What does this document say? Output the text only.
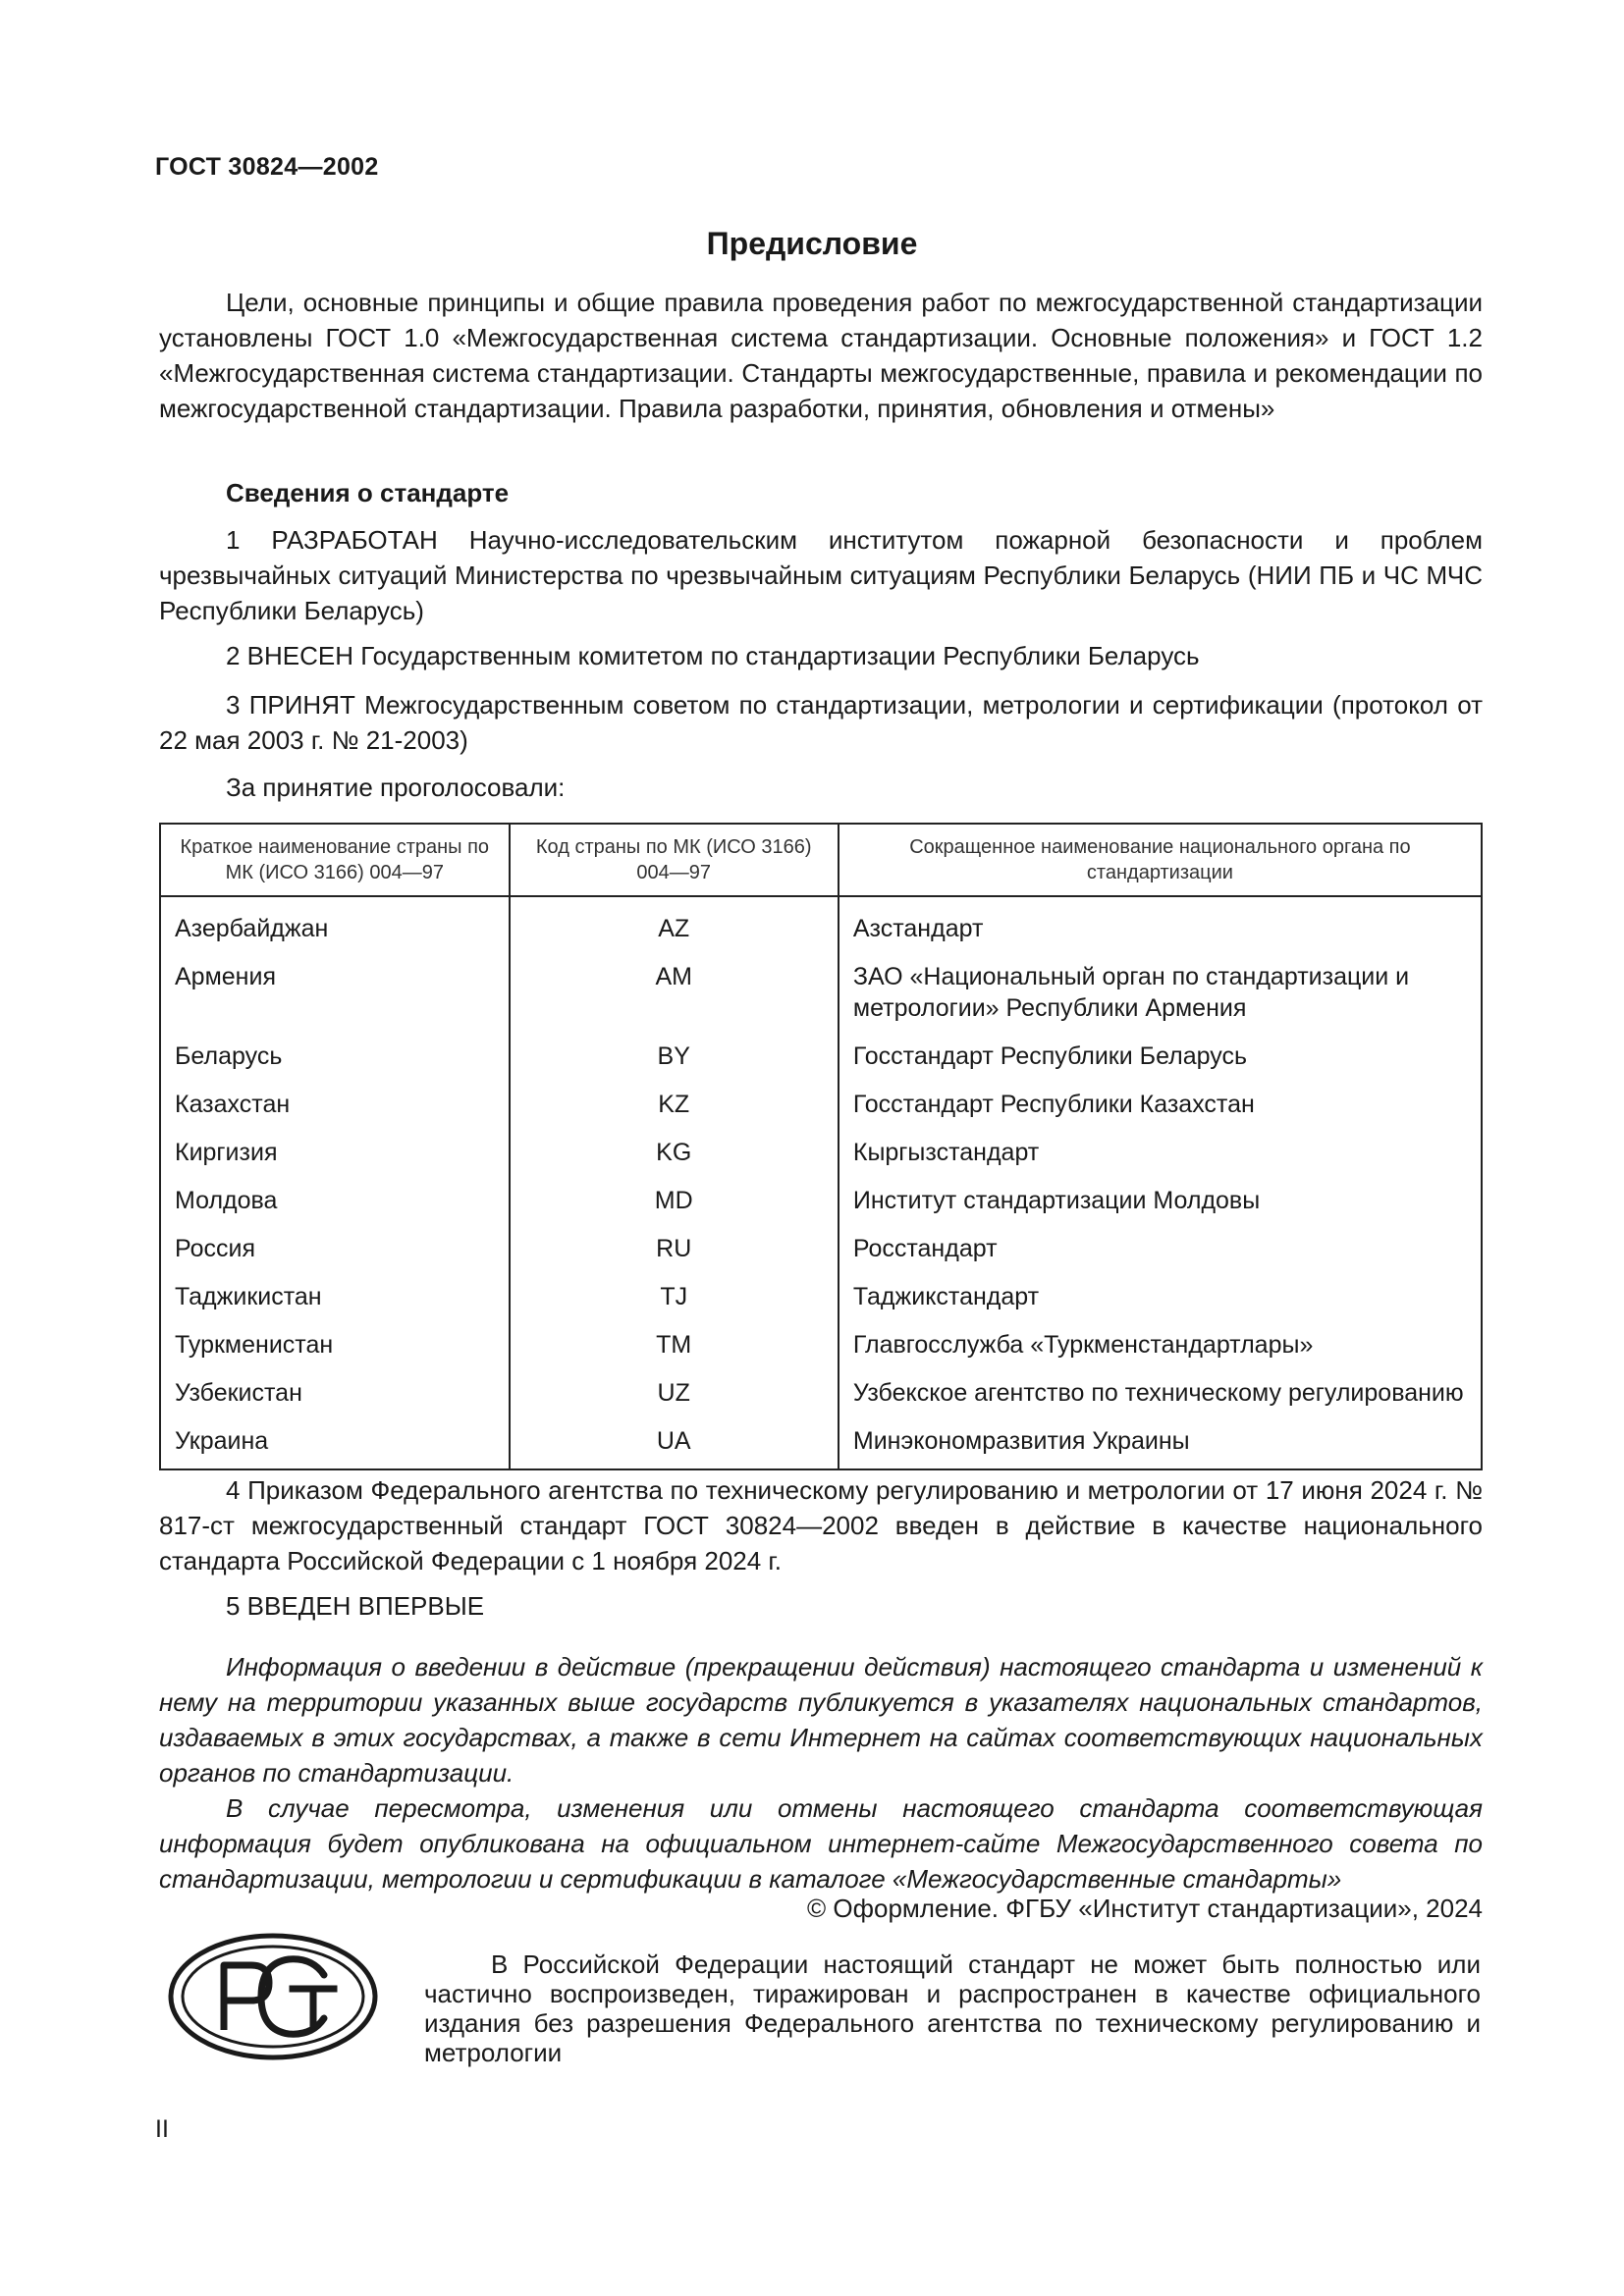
ГОСТ 30824—2002
Предисловие
Цели, основные принципы и общие правила проведения работ по межгосударственной стандартизации установлены ГОСТ 1.0 «Межгосударственная система стандартизации. Основные положения» и ГОСТ 1.2 «Межгосударственная система стандартизации. Стандарты межгосударственные, правила и рекомендации по межгосударственной стандартизации. Правила разработки, принятия, обновления и отмены»
Сведения о стандарте
1 РАЗРАБОТАН Научно-исследовательским институтом пожарной безопасности и проблем чрезвычайных ситуаций Министерства по чрезвычайным ситуациям Республики Беларусь (НИИ ПБ и ЧС МЧС Республики Беларусь)
2 ВНЕСЕН Государственным комитетом по стандартизации Республики Беларусь
3 ПРИНЯТ Межгосударственным советом по стандартизации, метрологии и сертификации (протокол от 22 мая 2003 г. № 21-2003)
За принятие проголосовали:
Краткое наименование страны по МК (ИСО 3166) 004—97	Код страны по МК (ИСО 3166) 004—97	Сокращенное наименование национального органа по стандартизации
Азербайджан	AZ	Азстандарт
Армения	AM	ЗАО «Национальный орган по стандартизации и метрологии» Республики Армения
Беларусь	BY	Госстандарт Республики Беларусь
Казахстан	KZ	Госстандарт Республики Казахстан
Киргизия	KG	Кыргызстандарт
Молдова	MD	Институт стандартизации Молдовы
Россия	RU	Росстандарт
Таджикистан	TJ	Таджикстандарт
Туркменистан	TM	Главгосслужба «Туркменстандартлары»
Узбекистан	UZ	Узбекское агентство по техническому регулированию
Украина	UA	Минэкономразвития Украины
4 Приказом Федерального агентства по техническому регулированию и метрологии от 17 июня 2024 г. № 817-ст межгосударственный стандарт ГОСТ 30824—2002 введен в действие в качестве национального стандарта Российской Федерации с 1 ноября 2024 г.
5 ВВЕДЕН ВПЕРВЫЕ
Информация о введении в действие (прекращении действия) настоящего стандарта и изменений к нему на территории указанных выше государств публикуется в указателях национальных стандартов, издаваемых в этих государствах, а также в сети Интернет на сайтах соответствующих национальных органов по стандартизации.
В случае пересмотра, изменения или отмены настоящего стандарта соответствующая информация будет опубликована на официальном интернет-сайте Межгосударственного совета по стандартизации, метрологии и сертификации в каталоге «Межгосударственные стандарты»
© Оформление. ФГБУ «Институт стандартизации», 2024
В Российской Федерации настоящий стандарт не может быть полностью или частично воспроизведен, тиражирован и распространен в качестве официального издания без разрешения Федерального агентства по техническому регулированию и метрологии
II
